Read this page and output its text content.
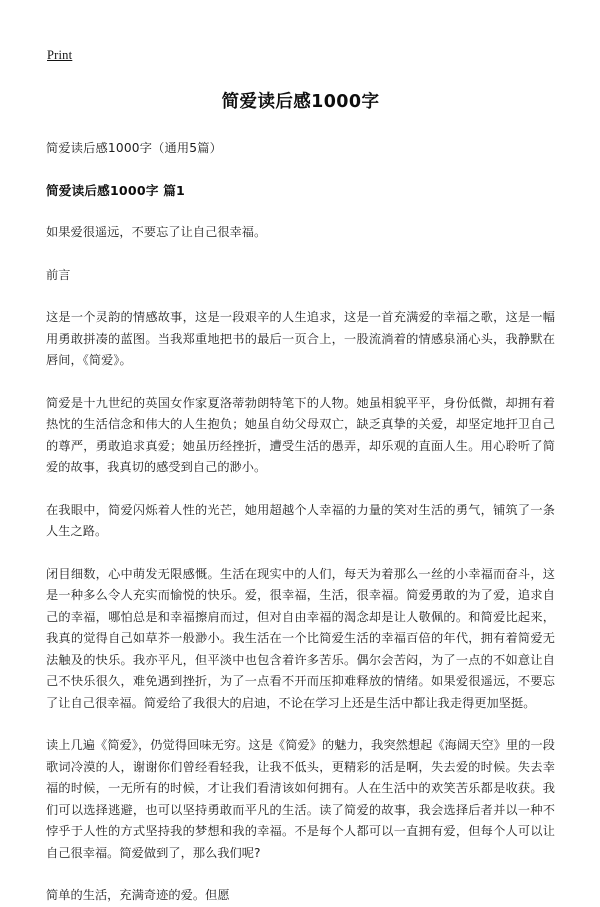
Print
简爱读后感1000字
简爱读后感1000字（通用5篇）
简爱读后感1000字 篇1

如果爱很遥远，不要忘了让自己很幸福。

前言

这是一个灵韵的情感故事，这是一段艰辛的人生追求，这是一首充满爱的幸福之歌，这是一幅用勇敢拼凑的蓝图。当我郑重地把书的最后一页合上，一股流淌着的情感泉涌心头，我静默在唇间，《简爱》。

简爱是十九世纪的英国女作家夏洛蒂勃朗特笔下的人物。她虽相貌平平，身份低微，却拥有着热忱的生活信念和伟大的人生抱负；她虽自幼父母双亡，缺乏真挚的关爱，却坚定地扞卫自己的尊严，勇敢追求真爱；她虽历经挫折，遭受生活的愚弄，却乐观的直面人生。用心聆听了简爱的故事，我真切的感受到自己的渺小。

在我眼中，简爱闪烁着人性的光芒，她用超越个人幸福的力量的笑对生活的勇气，铺筑了一条人生之路。

闭目细数，心中萌发无限感慨。生活在现实中的人们，每天为着那么一丝的小幸福而奋斗，这是一种多么令人充实而愉悦的快乐。爱，很幸福，生活，很幸福。简爱勇敢的为了爱，追求自己的幸福，哪怕总是和幸福擦肩而过，但对自由幸福的渴念却是让人敬佩的。和简爱比起来，我真的觉得自己如草芥一般渺小。我生活在一个比简爱生活的幸福百倍的年代，拥有着简爱无法触及的快乐。我亦平凡，但平淡中也包含着许多苦乐。偶尔会苦闷，为了一点的不如意让自己不快乐很久，难免遇到挫折，为了一点看不开而压抑难释放的情绪。如果爱很遥远，不要忘了让自己很幸福。简爱给了我很大的启迪，不论在学习上还是生活中都让我走得更加坚挺。

读上几遍《简爱》，仍觉得回味无穷。这是《简爱》的魅力，我突然想起《海阔天空》里的一段歌词冷漠的人，谢谢你们曾经看轻我，让我不低头，更精彩的活是啊，失去爱的时候。失去幸福的时候，一无所有的时候，才让我们看清该如何拥有。人在生活中的欢笑苦乐都是收获。我们可以选择逃避，也可以坚持勇敢而平凡的生活。读了简爱的故事，我会选择后者并以一种不悖乎于人性的方式坚持我的梦想和我的幸福。不是每个人都可以一直拥有爱，但每个人可以让自己很幸福。简爱做到了，那么我们呢?

简单的生活，充满奇迹的爱。但愿
